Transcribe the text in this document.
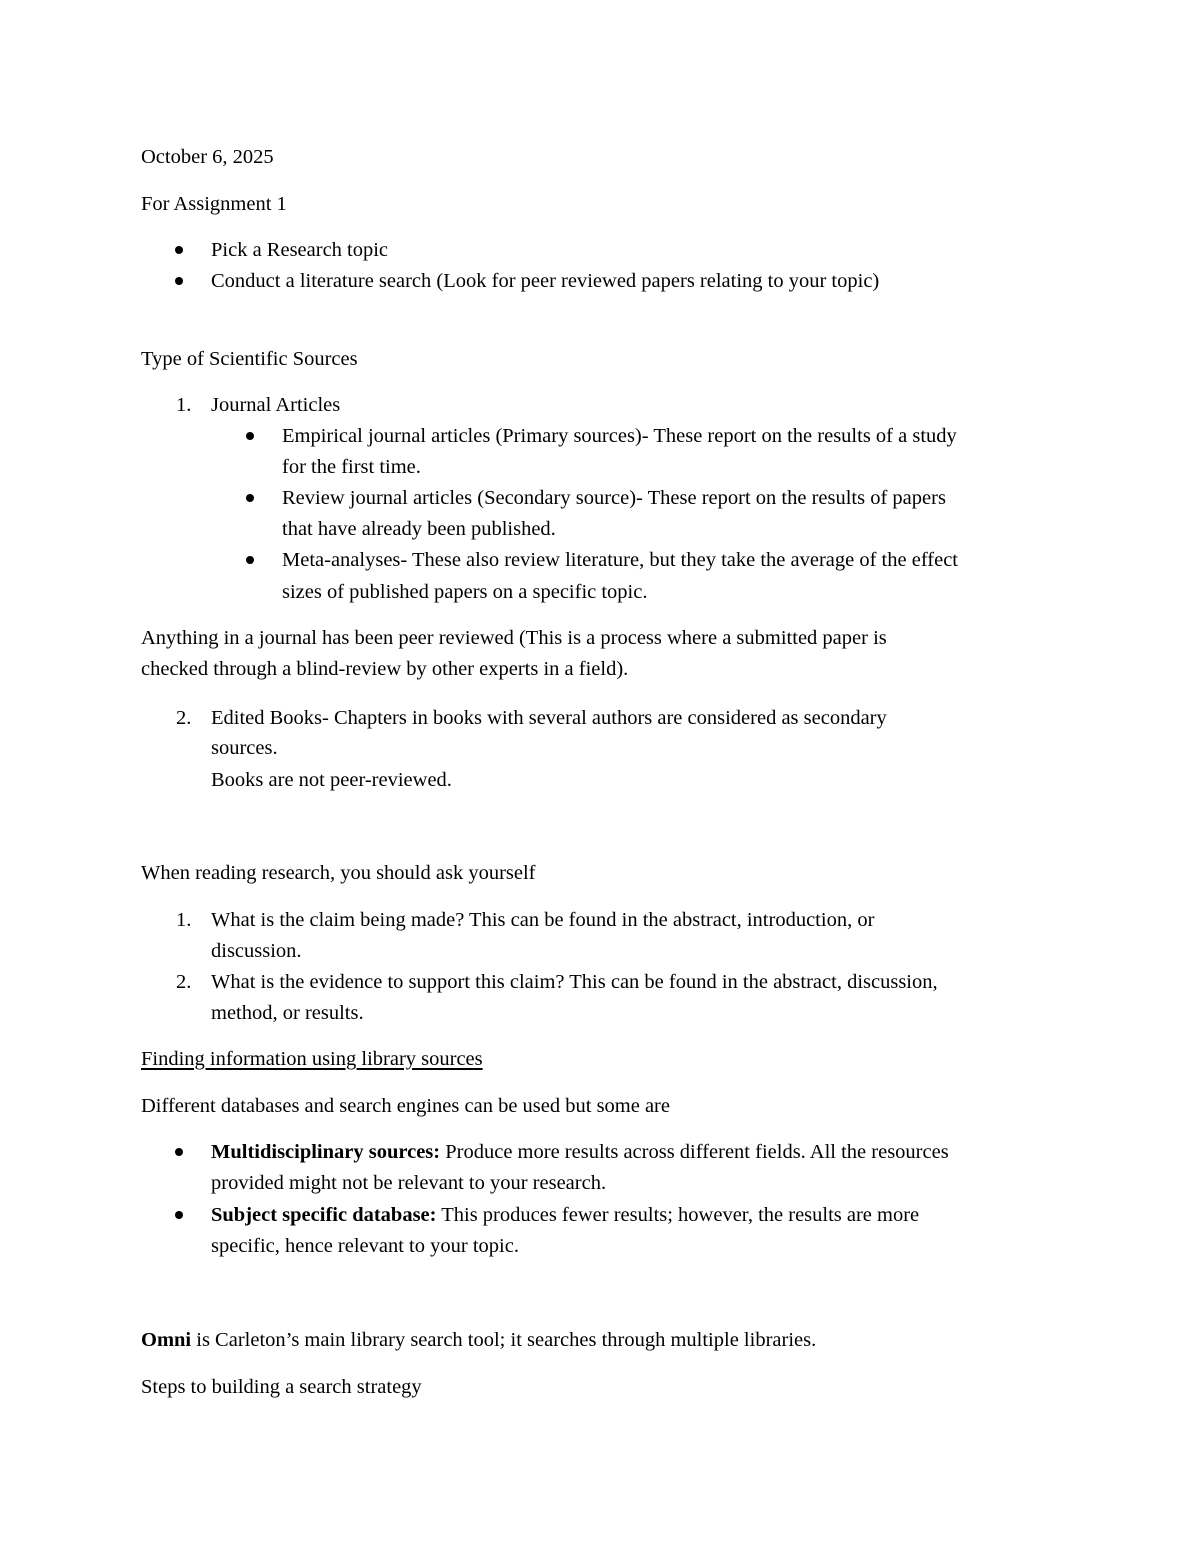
October 6, 2025
For Assignment 1
Pick a Research topic
Conduct a literature search (Look for peer reviewed papers relating to your topic)
Type of Scientific Sources
1. Journal Articles
Empirical journal articles (Primary sources)- These report on the results of a study
for the first time.
Review journal articles (Secondary source)- These report on the results of papers
that have already been published.
Meta-analyses- These also review literature, but they take the average of the effect
sizes of published papers on a specific topic.
Anything in a journal has been peer reviewed (This is a process where a submitted paper is
checked through a blind-review by other experts in a field).
2. Edited Books- Chapters in books with several authors are considered as secondary
sources.
Books are not peer-reviewed.
When reading research, you should ask yourself
1. What is the claim being made? This can be found in the abstract, introduction, or
discussion.
2. What is the evidence to support this claim? This can be found in the abstract, discussion,
method, or results.
Finding information using library sources
Different databases and search engines can be used but some are
Multidisciplinary sources: Produce more results across different fields. All the resources
provided might not be relevant to your research.
Subject specific database: This produces fewer results; however, the results are more
specific, hence relevant to your topic.
Omni is Carleton’s main library search tool; it searches through multiple libraries.
Steps to building a search strategy
